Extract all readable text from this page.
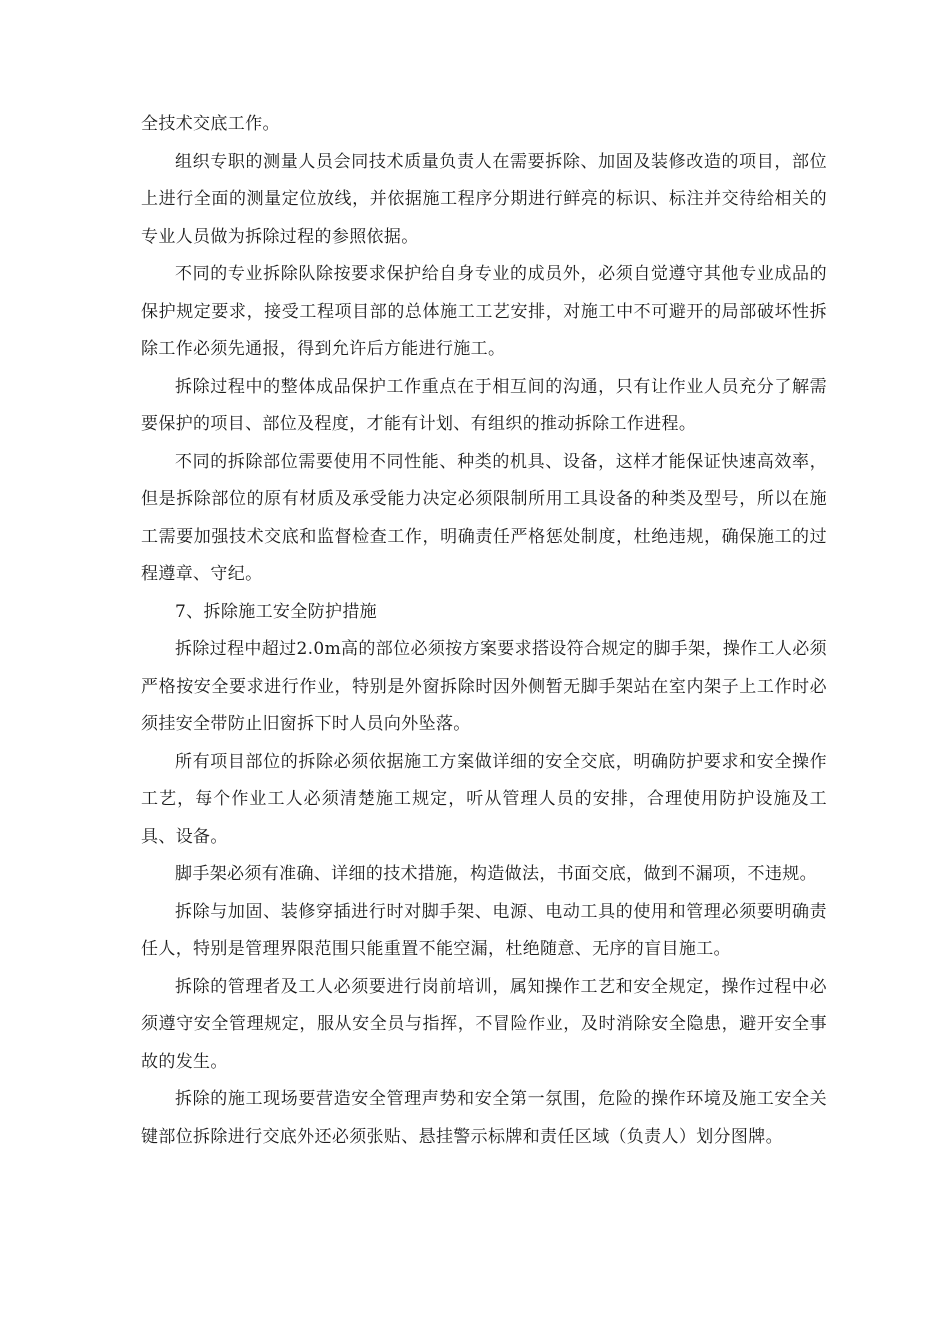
全技术交底工作。

组织专职的测量人员会同技术质量负责人在需要拆除、加固及装修改造的项目，部位上进行全面的测量定位放线，并依据施工程序分期进行鲜亮的标识、标注并交待给相关的专业人员做为拆除过程的参照依据。

不同的专业拆除队除按要求保护给自身专业的成员外，必须自觉遵守其他专业成品的保护规定要求，接受工程项目部的总体施工工艺安排，对施工中不可避开的局部破坏性拆除工作必须先通报，得到允许后方能进行施工。

拆除过程中的整体成品保护工作重点在于相互间的沟通，只有让作业人员充分了解需要保护的项目、部位及程度，才能有计划、有组织的推动拆除工作进程。

不同的拆除部位需要使用不同性能、种类的机具、设备，这样才能保证快速高效率，但是拆除部位的原有材质及承受能力决定必须限制所用工具设备的种类及型号，所以在施工需要加强技术交底和监督检查工作，明确责任严格惩处制度，杜绝违规，确保施工的过程遵章、守纪。

7、拆除施工安全防护措施

拆除过程中超过2.0m高的部位必须按方案要求搭设符合规定的脚手架，操作工人必须严格按安全要求进行作业，特别是外窗拆除时因外侧暂无脚手架站在室内架子上工作时必须挂安全带防止旧窗拆下时人员向外坠落。

所有项目部位的拆除必须依据施工方案做详细的安全交底，明确防护要求和安全操作工艺，每个作业工人必须清楚施工规定，听从管理人员的安排，合理使用防护设施及工具、设备。

脚手架必须有准确、详细的技术措施，构造做法，书面交底，做到不漏项，不违规。

拆除与加固、装修穿插进行时对脚手架、电源、电动工具的使用和管理必须要明确责任人，特别是管理界限范围只能重置不能空漏，杜绝随意、无序的盲目施工。

拆除的管理者及工人必须要进行岗前培训，属知操作工艺和安全规定，操作过程中必须遵守安全管理规定，服从安全员与指挥，不冒险作业，及时消除安全隐患，避开安全事故的发生。

拆除的施工现场要营造安全管理声势和安全第一氛围，危险的操作环境及施工安全关键部位拆除进行交底外还必须张贴、悬挂警示标牌和责任区域（负责人）划分图牌。
